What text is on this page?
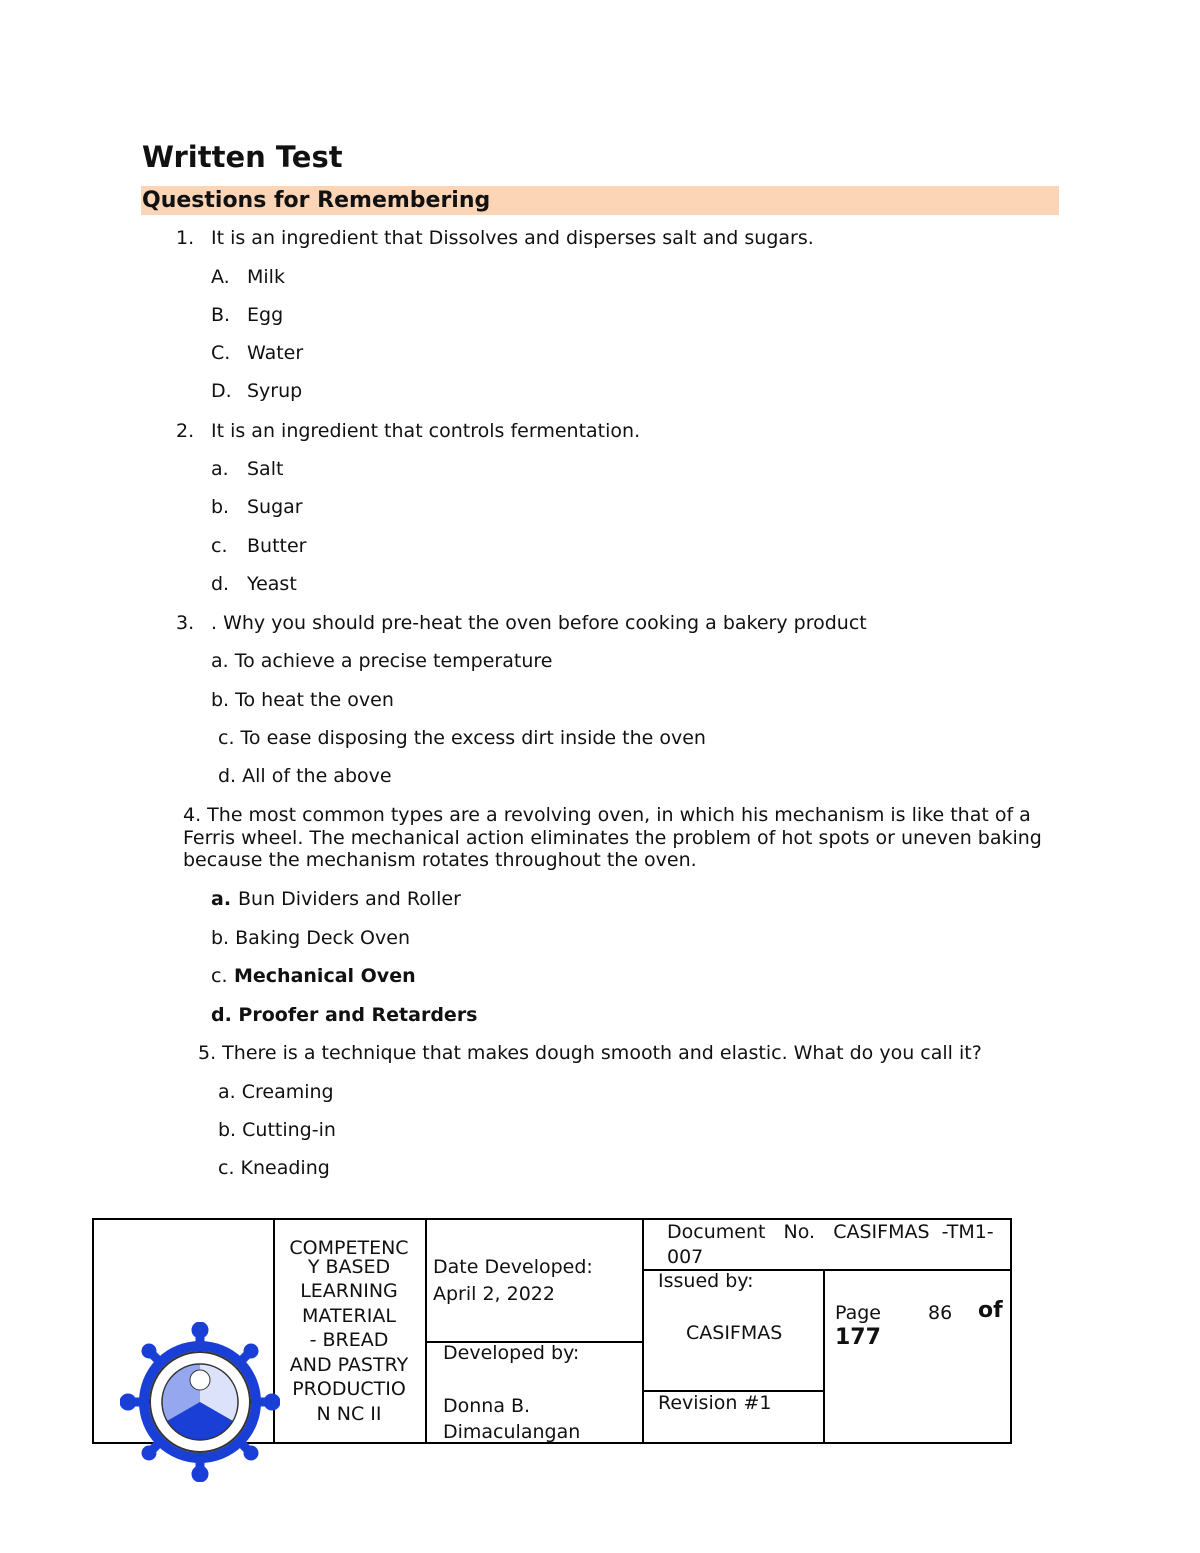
Written Test
Questions for Remembering
1. It is an ingredient that Dissolves and disperses salt and sugars.
A. Milk
B. Egg
C. Water
D. Syrup
2. It is an ingredient that controls fermentation.
a. Salt
b. Sugar
c. Butter
d. Yeast
3. . Why you should pre-heat the oven before cooking a bakery product
a. To achieve a precise temperature
b. To heat the oven
c. To ease disposing the excess dirt inside the oven
d. All of the above
4. The most common types are a revolving oven, in which his mechanism is like that of a Ferris wheel. The mechanical action eliminates the problem of hot spots or uneven baking because the mechanism rotates throughout the oven.
a. Bun Dividers and Roller
b. Baking Deck Oven
c. Mechanical Oven
d. Proofer and Retarders
5. There is a technique that makes dough smooth and elastic. What do you call it?
a. Creaming
b. Cutting-in
c. Kneading
COMPETENC
Y BASED
LEARNING
MATERIAL
- BREAD
AND PASTRY
PRODUCTIO
N NC II
Date Developed:
April 2, 2022
Developed by:
Donna B.
Dimaculangan
Document   No.   CASIFMAS  -TM1-
007
Issued by:
CASIFMAS
Revision #1
Page 86 of
177
